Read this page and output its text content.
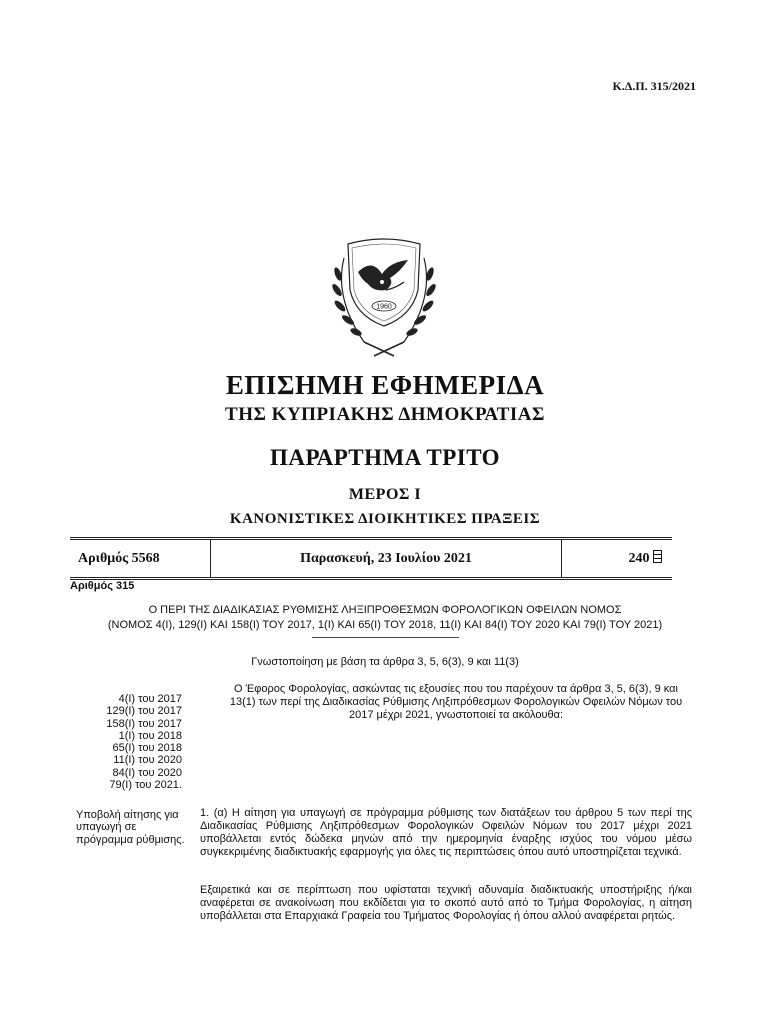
Κ.Δ.Π. 315/2021
1960
ΕΠΙΣΗΜΗ ΕΦΗΜΕΡΙΔΑ
ΤΗΣ ΚΥΠΡΙΑΚΗΣ ΔΗΜΟΚΡΑΤΙΑΣ
ΠΑΡΑΡΤΗΜΑ ΤΡΙΤΟ
ΜΕΡΟΣ Ι
ΚΑΝΟΝΙΣΤΙΚΕΣ ΔΙΟΙΚΗΤΙΚΕΣ ΠΡΑΞΕΙΣ
Αριθμός 5568	Παρασκευή, 23 Ιουλίου 2021	240
Αριθμός 315
Ο ΠΕΡΙ ΤΗΣ ΔΙΑΔΙΚΑΣΙΑΣ ΡΥΘΜΙΣΗΣ ΛΗΞΙΠΡΟΘΕΣΜΩΝ ΦΟΡΟΛΟΓΙΚΩΝ ΟΦΕΙΛΩΝ ΝΟΜΟΣ
(ΝΟΜΟΣ 4(Ι), 129(Ι) ΚΑΙ 158(Ι) ΤΟΥ 2017, 1(Ι) ΚΑΙ 65(Ι) ΤΟΥ 2018, 11(Ι) ΚΑΙ 84(Ι) ΤΟΥ 2020 ΚΑΙ 79(Ι) ΤΟΥ 2021)
Γνωστοποίηση με βάση τα άρθρα 3, 5, 6(3), 9 και 11(3)
Ο Έφορος Φορολογίας, ασκώντας τις εξουσίες που του παρέχουν τα άρθρα 3, 5, 6(3), 9 και 13(1) των περί της Διαδικασίας Ρύθμισης Ληξιπρόθεσμων Φορολογικών Οφειλών Νόμων του 2017 μέχρι 2021, γνωστοποιεί τα ακόλουθα:
4(Ι) του 2017
129(Ι) του 2017
158(Ι) του 2017
1(Ι) του 2018
65(Ι) του 2018
11(Ι) του 2020
84(Ι) του 2020
79(Ι) του 2021.
Υποβολή αίτησης για υπαγωγή σε πρόγραμμα ρύθμισης.
1. (α) Η αίτηση για υπαγωγή σε πρόγραμμα ρύθμισης των διατάξεων του άρθρου 5 των περί της Διαδικασίας Ρύθμισης Ληξιπρόθεσμων Φορολογικών Οφειλών Νόμων του 2017 μέχρι 2021 υποβάλλεται εντός δώδεκα μηνών από την ημερομηνία έναρξης ισχύος του νόμου μέσω συγκεκριμένης διαδικτυακής εφαρμογής για όλες τις περιπτώσεις όπου αυτό υποστηρίζεται τεχνικά.
Εξαιρετικά και σε περίπτωση που υφίσταται τεχνική αδυναμία διαδικτυακής υποστήριξης ή/και αναφέρεται σε ανακοίνωση που εκδίδεται για το σκοπό αυτό από το Τμήμα Φορολογίας, η αίτηση υποβάλλεται στα Επαρχιακά Γραφεία του Τμήματος Φορολογίας ή όπου αλλού αναφέρεται ρητώς.
